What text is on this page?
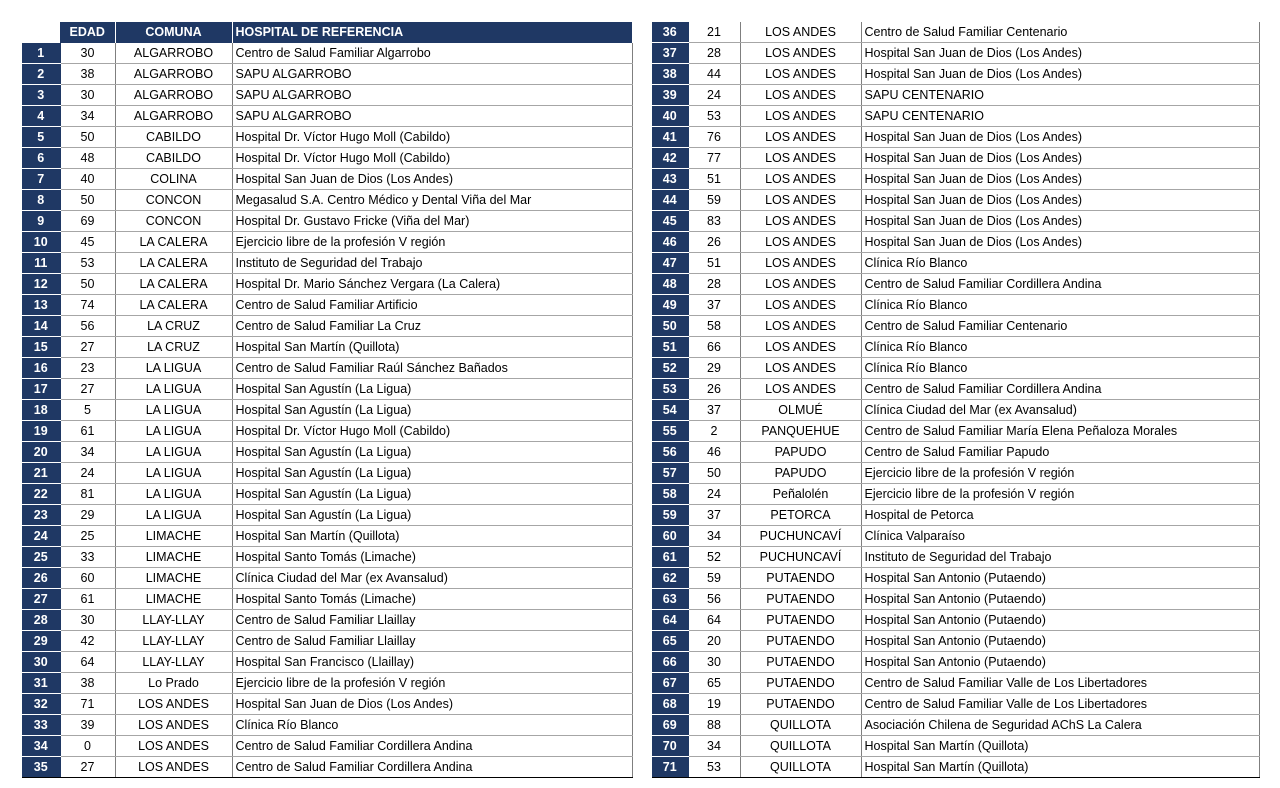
	EDAD	COMUNA	HOSPITAL DE REFERENCIA
1	30	ALGARROBO	Centro de Salud Familiar Algarrobo
2	38	ALGARROBO	SAPU ALGARROBO
3	30	ALGARROBO	SAPU ALGARROBO
4	34	ALGARROBO	SAPU ALGARROBO
5	50	CABILDO	Hospital Dr. Víctor Hugo Moll (Cabildo)
6	48	CABILDO	Hospital Dr. Víctor Hugo Moll (Cabildo)
7	40	COLINA	Hospital San Juan de Dios (Los Andes)
8	50	CONCON	Megasalud S.A. Centro Médico y Dental Viña del Mar
9	69	CONCON	Hospital Dr. Gustavo Fricke (Viña del Mar)
10	45	LA CALERA	Ejercicio libre de la profesión V región
11	53	LA CALERA	Instituto de Seguridad del Trabajo
12	50	LA CALERA	Hospital Dr. Mario Sánchez Vergara (La Calera)
13	74	LA CALERA	Centro de Salud Familiar Artificio
14	56	LA CRUZ	Centro de Salud Familiar La Cruz
15	27	LA CRUZ	Hospital San Martín (Quillota)
16	23	LA LIGUA	Centro de Salud Familiar Raúl Sánchez Bañados
17	27	LA LIGUA	Hospital San Agustín (La Ligua)
18	5	LA LIGUA	Hospital San Agustín (La Ligua)
19	61	LA LIGUA	Hospital Dr. Víctor Hugo Moll (Cabildo)
20	34	LA LIGUA	Hospital San Agustín (La Ligua)
21	24	LA LIGUA	Hospital San Agustín (La Ligua)
22	81	LA LIGUA	Hospital San Agustín (La Ligua)
23	29	LA LIGUA	Hospital San Agustín (La Ligua)
24	25	LIMACHE	Hospital San Martín (Quillota)
25	33	LIMACHE	Hospital Santo Tomás (Limache)
26	60	LIMACHE	Clínica Ciudad del Mar (ex Avansalud)
27	61	LIMACHE	Hospital Santo Tomás (Limache)
28	30	LLAY-LLAY	Centro de Salud Familiar Llaillay
29	42	LLAY-LLAY	Centro de Salud Familiar Llaillay
30	64	LLAY-LLAY	Hospital San Francisco (Llaillay)
31	38	Lo Prado	Ejercicio libre de la profesión V región
32	71	LOS ANDES	Hospital San Juan de Dios (Los Andes)
33	39	LOS ANDES	Clínica Río Blanco
34	0	LOS ANDES	Centro de Salud Familiar Cordillera Andina
35	27	LOS ANDES	Centro de Salud Familiar Cordillera Andina
36	21	LOS ANDES	Centro de Salud Familiar Centenario
37	28	LOS ANDES	Hospital San Juan de Dios (Los Andes)
38	44	LOS ANDES	Hospital San Juan de Dios (Los Andes)
39	24	LOS ANDES	SAPU CENTENARIO
40	53	LOS ANDES	SAPU CENTENARIO
41	76	LOS ANDES	Hospital San Juan de Dios (Los Andes)
42	77	LOS ANDES	Hospital San Juan de Dios (Los Andes)
43	51	LOS ANDES	Hospital San Juan de Dios (Los Andes)
44	59	LOS ANDES	Hospital San Juan de Dios (Los Andes)
45	83	LOS ANDES	Hospital San Juan de Dios (Los Andes)
46	26	LOS ANDES	Hospital San Juan de Dios (Los Andes)
47	51	LOS ANDES	Clínica Río Blanco
48	28	LOS ANDES	Centro de Salud Familiar Cordillera Andina
49	37	LOS ANDES	Clínica Río Blanco
50	58	LOS ANDES	Centro de Salud Familiar Centenario
51	66	LOS ANDES	Clínica Río Blanco
52	29	LOS ANDES	Clínica Río Blanco
53	26	LOS ANDES	Centro de Salud Familiar Cordillera Andina
54	37	OLMUÉ	Clínica Ciudad del Mar (ex Avansalud)
55	2	PANQUEHUE	Centro de Salud Familiar María Elena Peñaloza Morales
56	46	PAPUDO	Centro de Salud Familiar Papudo
57	50	PAPUDO	Ejercicio libre de la profesión V región
58	24	Peñalolén	Ejercicio libre de la profesión V región
59	37	PETORCA	Hospital de Petorca
60	34	PUCHUNCAVÍ	Clínica Valparaíso
61	52	PUCHUNCAVÍ	Instituto de Seguridad del Trabajo
62	59	PUTAENDO	Hospital San Antonio (Putaendo)
63	56	PUTAENDO	Hospital San Antonio (Putaendo)
64	64	PUTAENDO	Hospital San Antonio (Putaendo)
65	20	PUTAENDO	Hospital San Antonio (Putaendo)
66	30	PUTAENDO	Hospital San Antonio (Putaendo)
67	65	PUTAENDO	Centro de Salud Familiar Valle de Los Libertadores
68	19	PUTAENDO	Centro de Salud Familiar Valle de Los Libertadores
69	88	QUILLOTA	Asociación Chilena de Seguridad AChS La Calera
70	34	QUILLOTA	Hospital San Martín (Quillota)
71	53	QUILLOTA	Hospital San Martín (Quillota)
